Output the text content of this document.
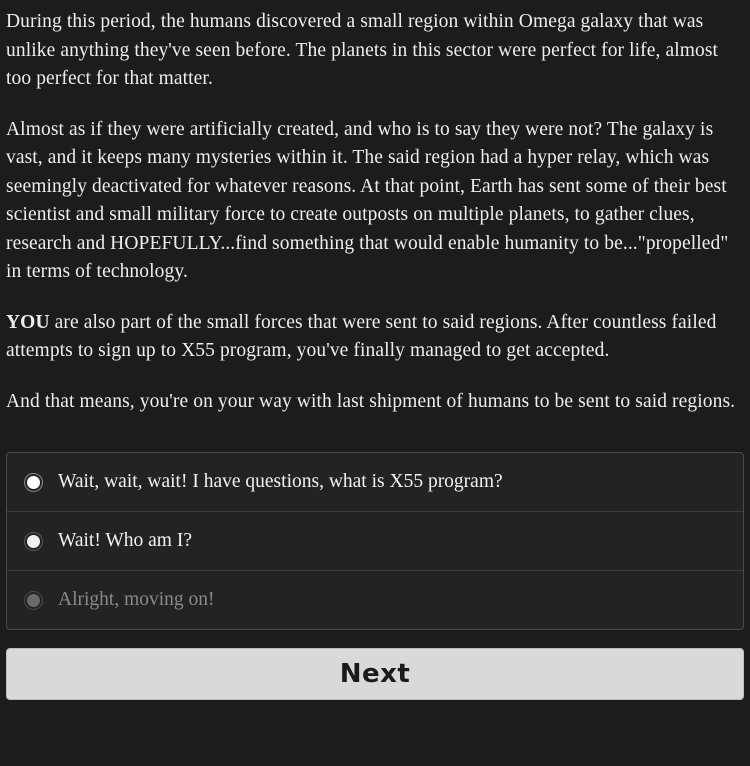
During this period, the humans discovered a small region within Omega galaxy that was unlike anything they've seen before. The planets in this sector were perfect for life, almost too perfect for that matter.

Almost as if they were artificially created, and who is to say they were not? The galaxy is vast, and it keeps many mysteries within it. The said region had a hyper relay, which was seemingly deactivated for whatever reasons. At that point, Earth has sent some of their best scientist and small military force to create outposts on multiple planets, to gather clues, research and HOPEFULLY...find something that would enable humanity to be..."propelled" in terms of technology.

YOU are also part of the small forces that were sent to said regions. After countless failed attempts to sign up to X55 program, you've finally managed to get accepted.

And that means, you're on your way with last shipment of humans to be sent to said regions.

Wait, wait, wait! I have questions, what is X55 program?
Wait! Who am I?
Alright, moving on!
Next
